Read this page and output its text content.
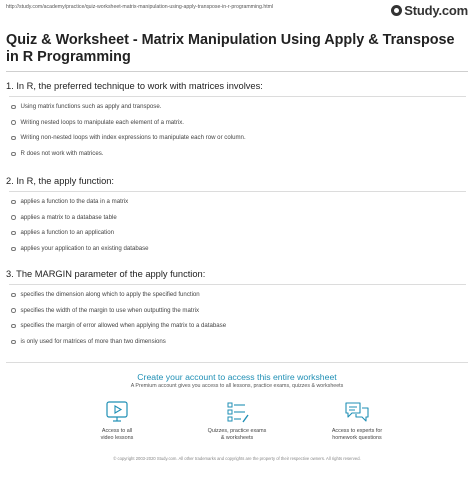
http://study.com/academy/practice/quiz-worksheet-matrix-manipulation-using-apply-transpose-in-r-programming.html	Study.com
Quiz & Worksheet - Matrix Manipulation Using Apply & Transpose in R Programming
1. In R, the preferred technique to work with matrices involves:
Using matrix functions such as apply and transpose.
Writing nested loops to manipulate each element of a matrix.
Writing non-nested loops with index expressions to manipulate each row or column.
R does not work with matrices.
2. In R, the apply function:
applies a function to the data in a matrix
applies a matrix to a database table
applies a function to an application
applies your application to an existing database
3. The MARGIN parameter of the apply function:
specifies the dimension along which to apply the specified function
specifies the width of the margin to use when outputting the matrix
specifies the margin of error allowed when applying the matrix to a database
is only used for matrices of more than two dimensions
Create your account to access this entire worksheet
A Premium account gives you access to all lessons, practice exams, quizzes & worksheets
Access to all
video lessons
Quizzes, practice exams
& worksheets
Access to experts for
homework questions
© copyright 2003-2020 Study.com. All other trademarks and copyrights are the property of their respective owners. All rights reserved.
